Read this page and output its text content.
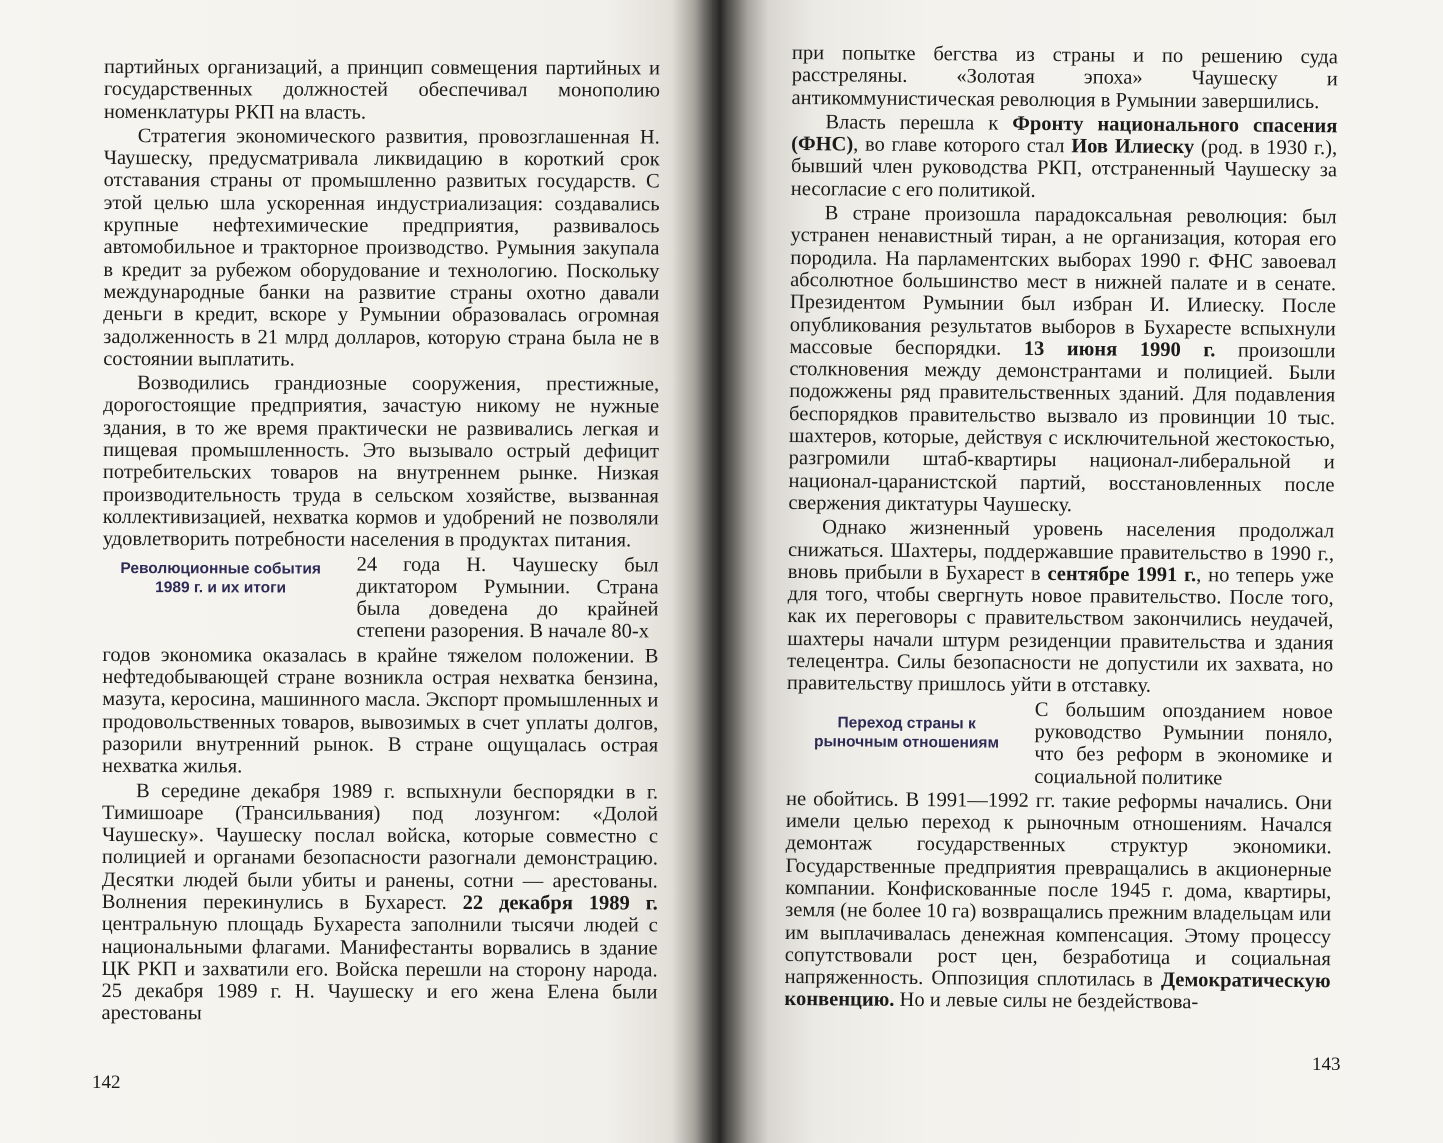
партийных организаций, а принцип совмещения партийных и государственных должностей обеспечивал монополию номенклатуры РКП на власть.

Стратегия экономического развития, провозглашенная Н. Чаушеску, предусматривала ликвидацию в короткий срок отставания страны от промышленно развитых государств. С этой целью шла ускоренная индустриализация: создавались крупные нефтехимические предприятия, развивалось автомобильное и тракторное производство. Румыния закупала в кредит за рубежом оборудование и технологию. Поскольку международные банки на развитие страны охотно давали деньги в кредит, вскоре у Румынии образовалась огромная задолженность в 21 млрд долларов, которую страна была не в состоянии выплатить.

Возводились грандиозные сооружения, престижные, дорогостоящие предприятия, зачастую никому не нужные здания, в то же время практически не развивались легкая и пищевая промышленность. Это вызывало острый дефицит потребительских товаров на внутреннем рынке. Низкая производительность труда в сельском хозяйстве, вызванная коллективизацией, нехватка кормов и удобрений не позволяли удовлетворить потребности населения в продуктах питания.

Революционные события 1989 г. и их итоги
24 года Н. Чаушеску был диктатором Румынии. Страна была доведена до крайней степени разорения. В начале 80-х

годов экономика оказалась в крайне тяжелом положении. В нефтедобывающей стране возникла острая нехватка бензина, мазута, керосина, машинного масла. Экспорт промышленных и продовольственных товаров, вывозимых в счет уплаты долгов, разорили внутренний рынок. В стране ощущалась острая нехватка жилья.

В середине декабря 1989 г. вспыхнули беспорядки в г. Тимишоаре (Трансильвания) под лозунгом: «Долой Чаушеску». Чаушеску послал войска, которые совместно с полицией и органами безопасности разогнали демонстрацию. Десятки людей были убиты и ранены, сотни — арестованы. Волнения перекинулись в Бухарест. 22 декабря 1989 г. центральную площадь Бухареста заполнили тысячи людей с национальными флагами. Манифестанты ворвались в здание ЦК РКП и захватили его. Войска перешли на сторону народа. 25 декабря 1989 г. Н. Чаушеску и его жена Елена были арестованы

142

при попытке бегства из страны и по решению суда расстреляны. «Золотая эпоха» Чаушеску и антикоммунистическая революция в Румынии завершились.

Власть перешла к Фронту национального спасения (ФНС), во главе которого стал Иов Илиеску (род. в 1930 г.), бывший член руководства РКП, отстраненный Чаушеску за несогласие с его политикой.

В стране произошла парадоксальная революция: был устранен ненавистный тиран, а не организация, которая его породила. На парламентских выборах 1990 г. ФНС завоевал абсолютное большинство мест в нижней палате и в сенате. Президентом Румынии был избран И. Илиеску. После опубликования результатов выборов в Бухаресте вспыхнули массовые беспорядки. 13 июня 1990 г. произошли столкновения между демонстрантами и полицией. Были подожжены ряд правительственных зданий. Для подавления беспорядков правительство вызвало из провинции 10 тыс. шахтеров, которые, действуя с исключительной жестокостью, разгромили штаб-квартиры национал-либеральной и национал-царанистской партий, восстановленных после свержения диктатуры Чаушеску.

Однако жизненный уровень населения продолжал снижаться. Шахтеры, поддержавшие правительство в 1990 г., вновь прибыли в Бухарест в сентябре 1991 г., но теперь уже для того, чтобы свергнуть новое правительство. После того, как их переговоры с правительством закончились неудачей, шахтеры начали штурм резиденции правительства и здания телецентра. Силы безопасности не допустили их захвата, но правительству пришлось уйти в отставку.

Переход страны к рыночным отношениям
С большим опозданием новое руководство Румынии поняло, что без реформ в экономике и социальной политике

не обойтись. В 1991—1992 гг. такие реформы начались. Они имели целью переход к рыночным отношениям. Начался демонтаж государственных структур экономики. Государственные предприятия превращались в акционерные компании. Конфискованные после 1945 г. дома, квартиры, земля (не более 10 га) возвращались прежним владельцам или им выплачивалась денежная компенсация. Этому процессу сопутствовали рост цен, безработица и социальная напряженность. Оппозиция сплотилась в Демократическую конвенцию. Но и левые силы не бездействова-

143
